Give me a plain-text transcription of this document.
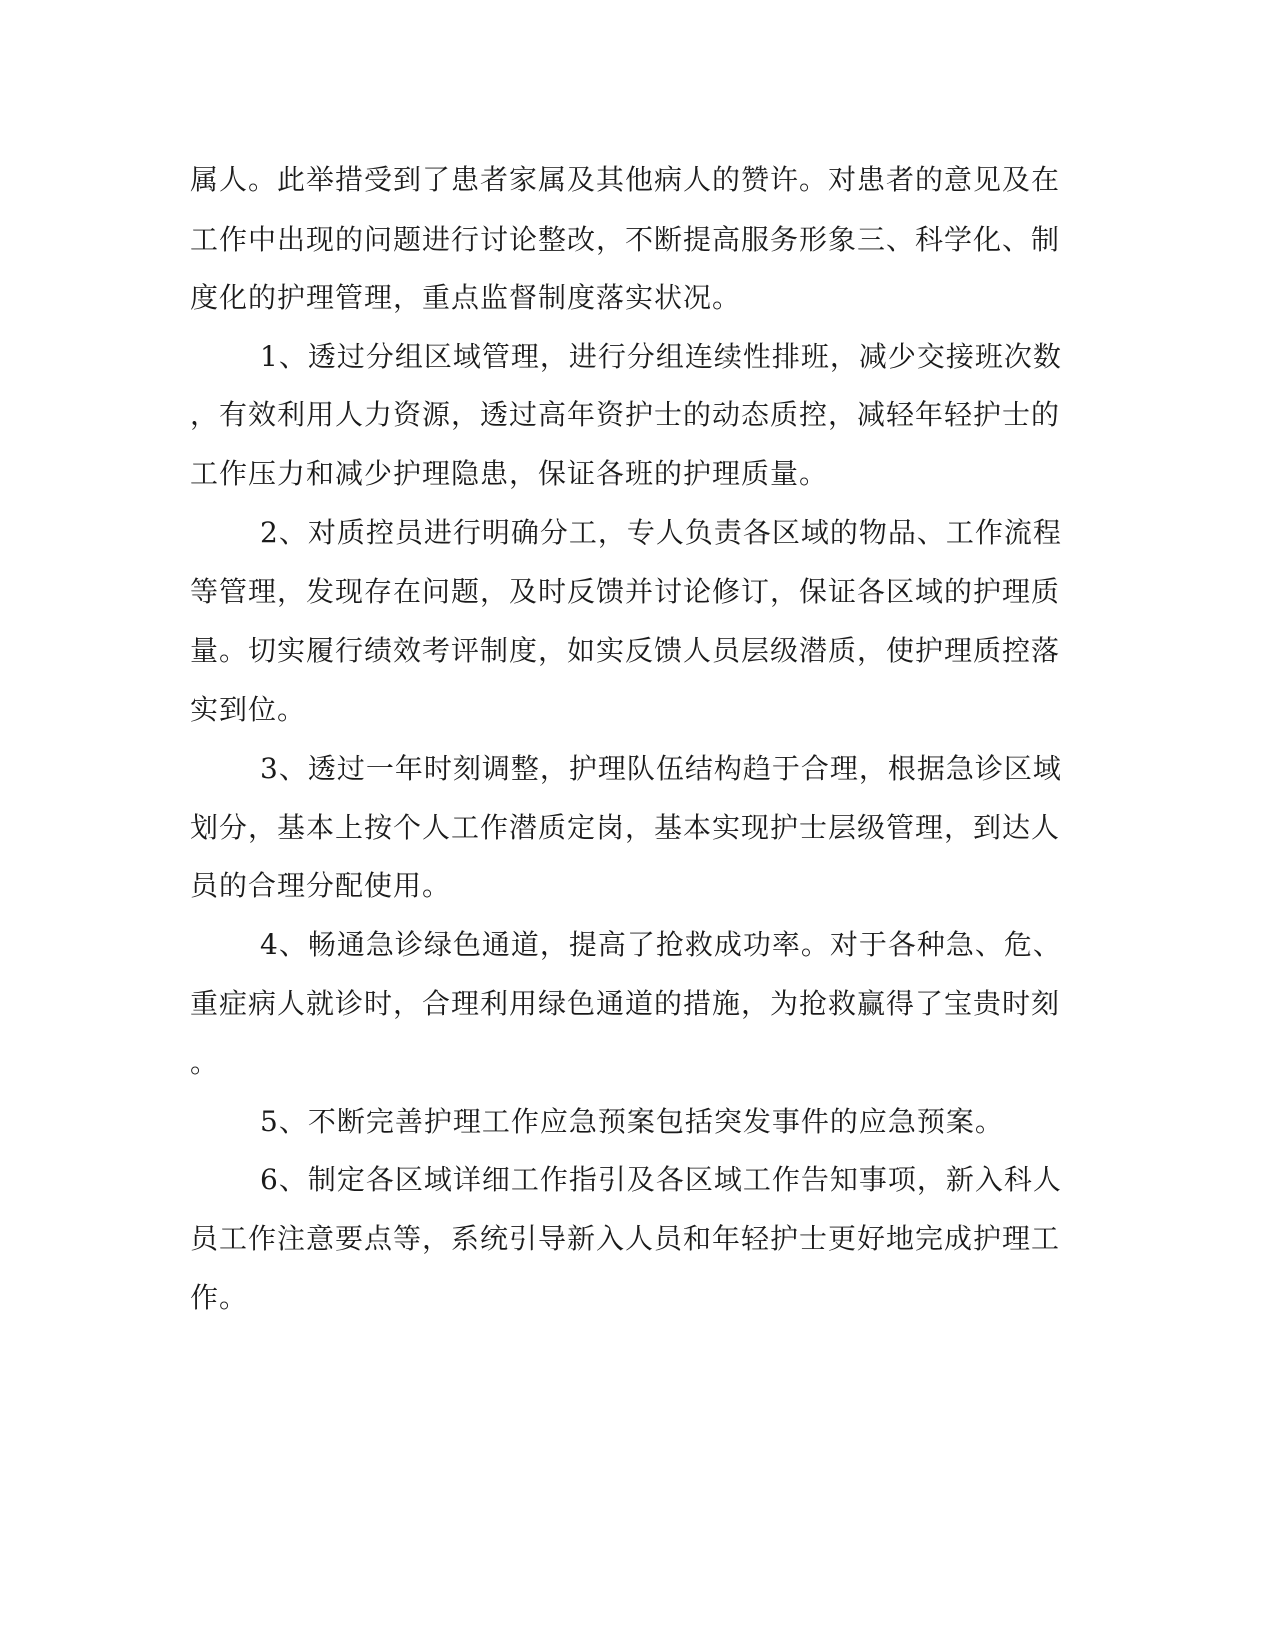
属人。此举措受到了患者家属及其他病人的赞许。对患者的意见及在

工作中出现的问题进行讨论整改，不断提高服务形象三、科学化、制

度化的护理管理，重点监督制度落实状况。

1、透过分组区域管理，进行分组连续性排班，减少交接班次数

，有效利用人力资源，透过高年资护士的动态质控，减轻年轻护士的

工作压力和减少护理隐患，保证各班的护理质量。

2、对质控员进行明确分工，专人负责各区域的物品、工作流程

等管理，发现存在问题，及时反馈并讨论修订，保证各区域的护理质

量。切实履行绩效考评制度，如实反馈人员层级潜质，使护理质控落

实到位。

3、透过一年时刻调整，护理队伍结构趋于合理，根据急诊区域

划分，基本上按个人工作潜质定岗，基本实现护士层级管理，到达人

员的合理分配使用。

4、畅通急诊绿色通道，提高了抢救成功率。对于各种急、危、

重症病人就诊时，合理利用绿色通道的措施，为抢救赢得了宝贵时刻

。

5、不断完善护理工作应急预案包括突发事件的应急预案。

6、制定各区域详细工作指引及各区域工作告知事项，新入科人

员工作注意要点等，系统引导新入人员和年轻护士更好地完成护理工

作。
